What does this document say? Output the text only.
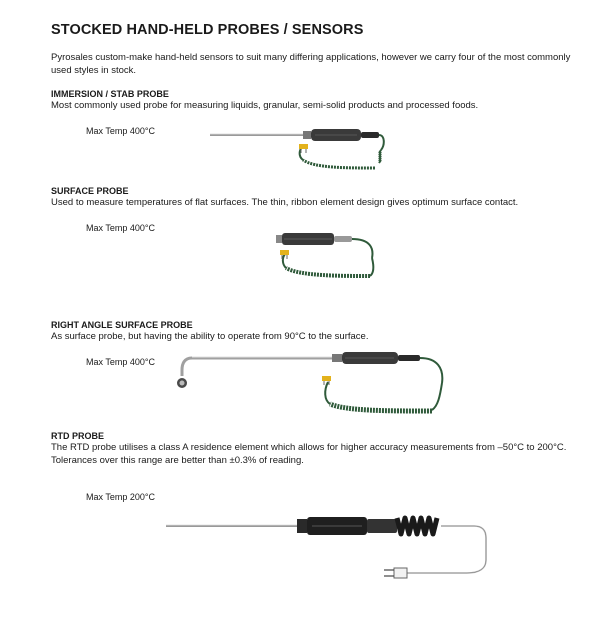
STOCKED HAND-HELD PROBES / SENSORS
Pyrosales custom-make hand-held sensors to suit many differing applications, however we carry four of the most commonly used styles in stock.
IMMERSION / STAB PROBE
Most commonly used probe for measuring liquids, granular, semi-solid products and processed foods.
Max Temp 400°C
SURFACE PROBE
Used to measure temperatures of flat surfaces. The thin, ribbon element design gives optimum surface contact.
Max Temp 400°C
RIGHT ANGLE SURFACE PROBE
As surface probe, but having the ability to operate from 90°C to the surface.
Max Temp 400°C
RTD PROBE
The RTD probe utilises a class A residence element which allows for higher accuracy measurements from –50°C to 200°C. Tolerances over this range are better than ±0.3% of reading.
Max Temp 200°C
